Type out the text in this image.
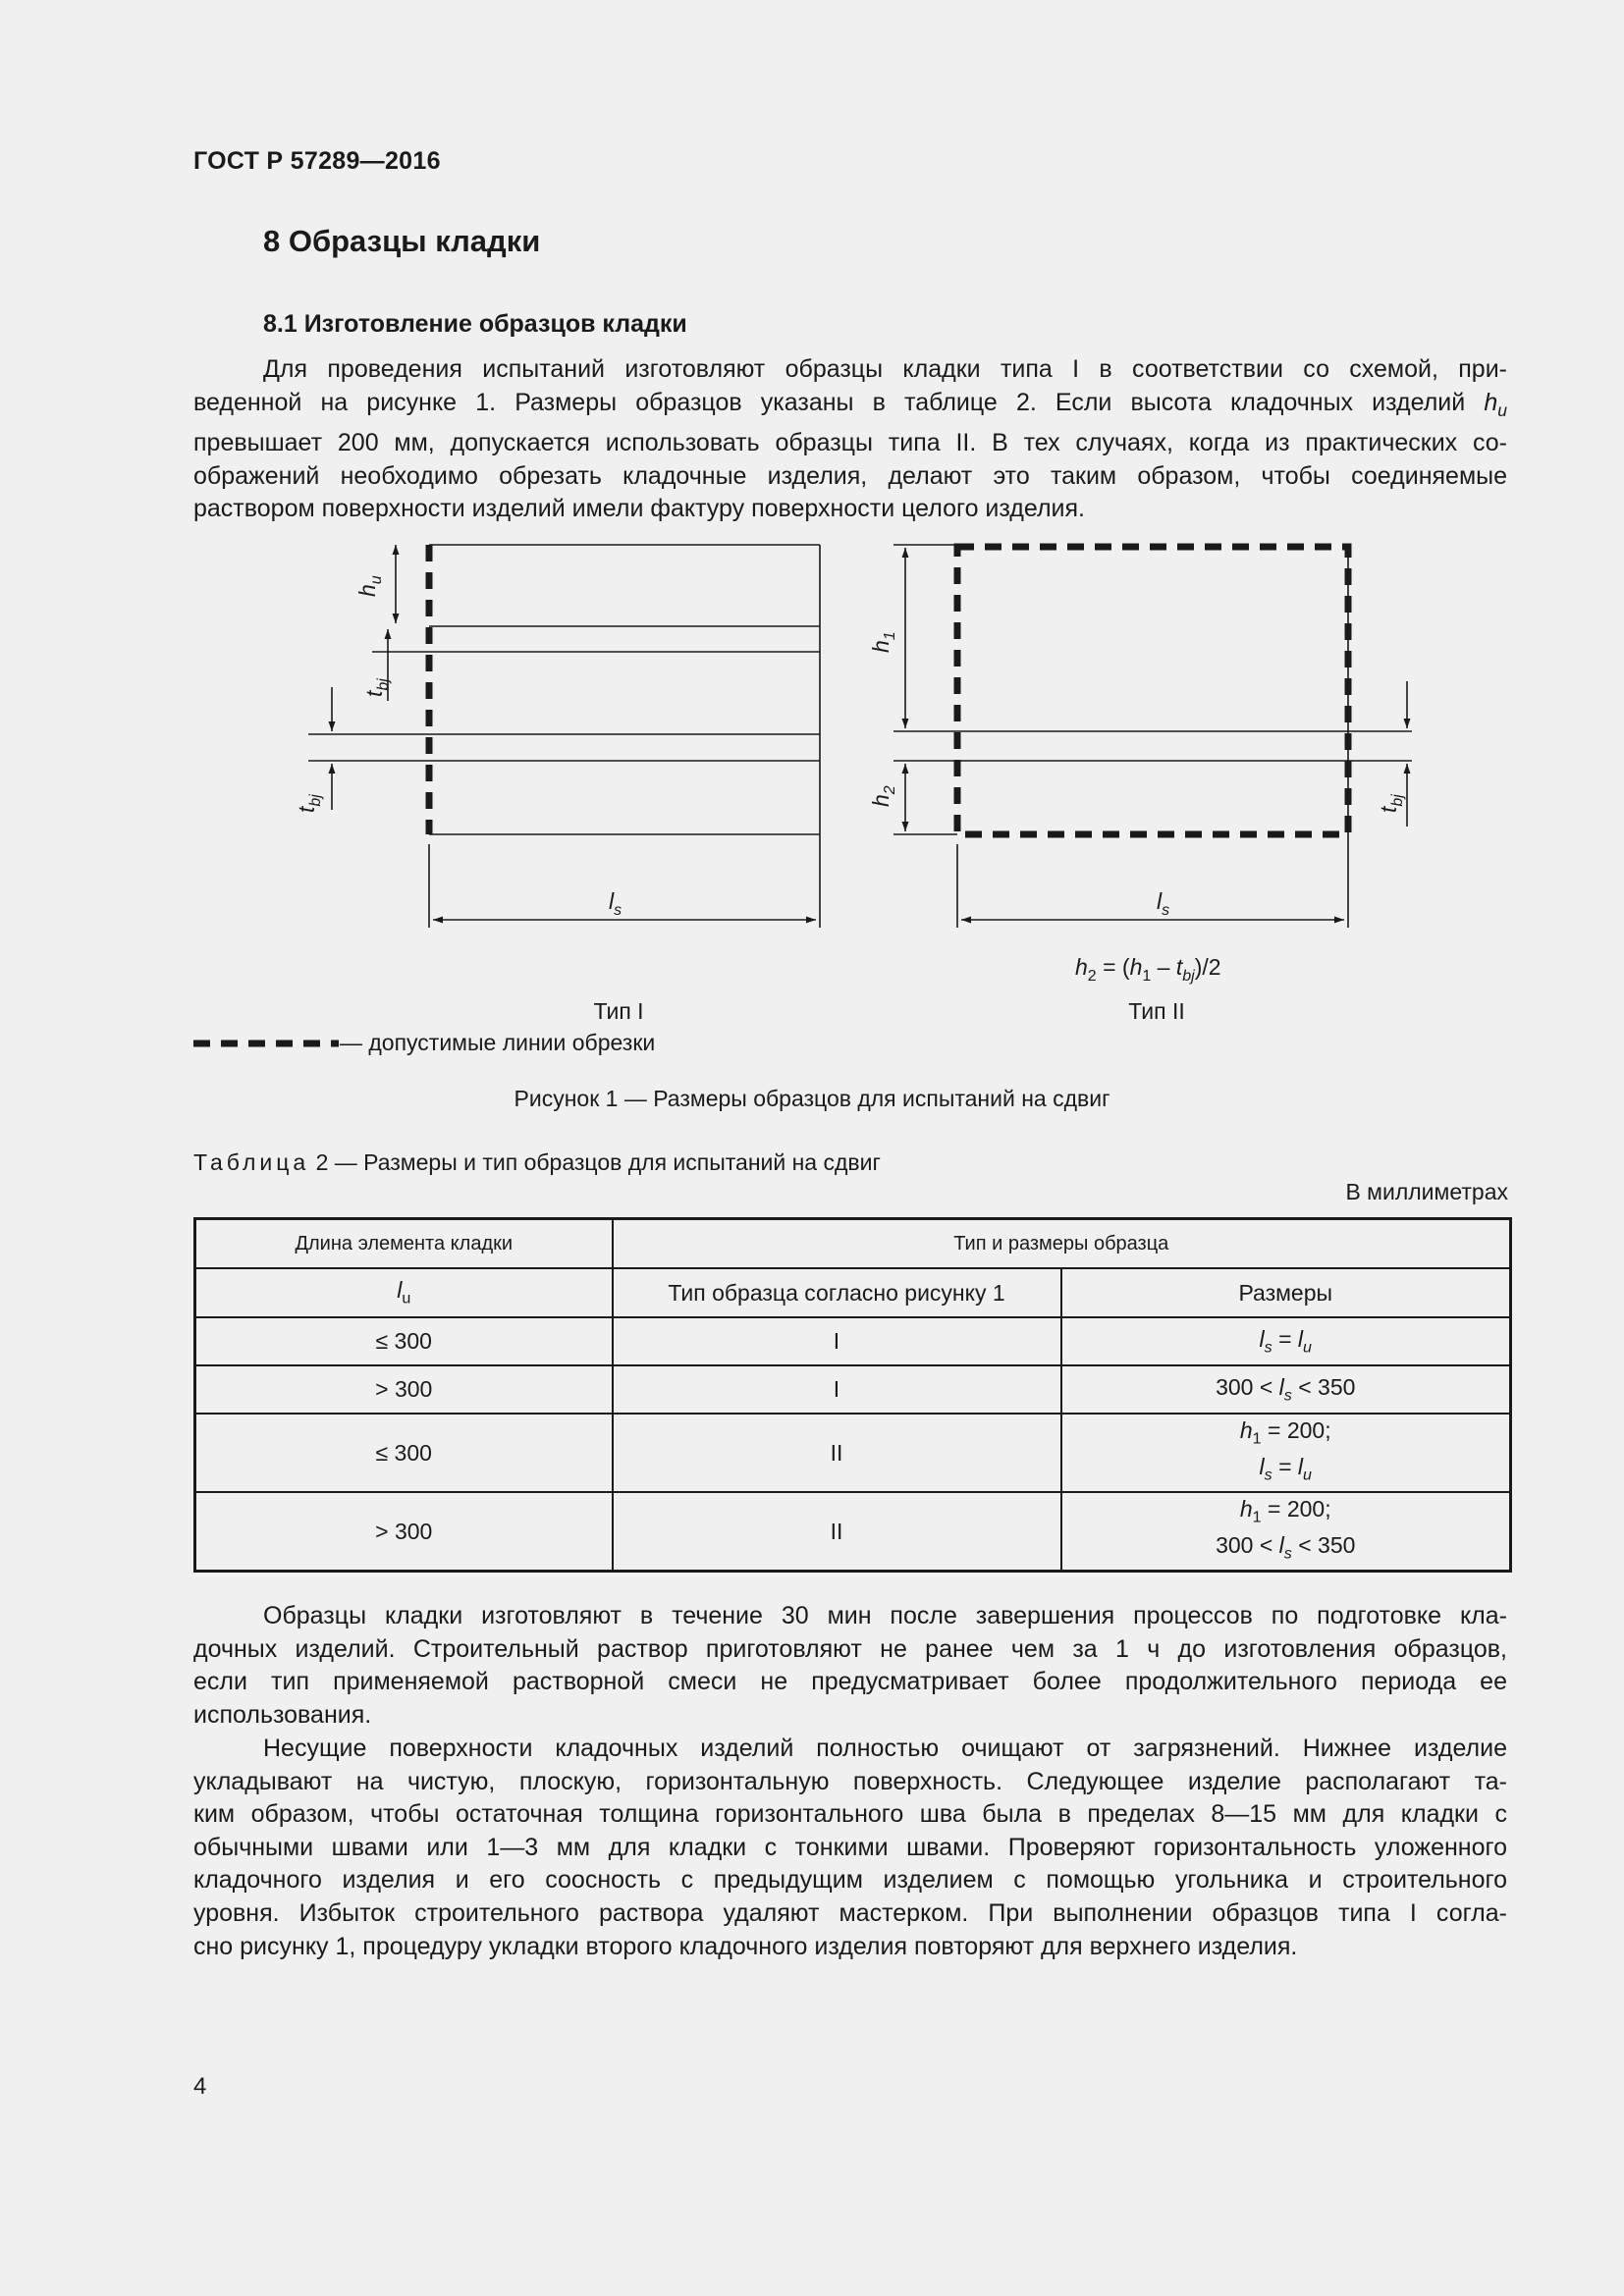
ГОСТ Р 57289—2016
8 Образцы кладки
8.1 Изготовление образцов кладки
Для проведения испытаний изготовляют образцы кладки типа I в соответствии со схемой, при-
веденной на рисунке 1. Размеры образцов указаны в таблице 2. Если высота кладочных изделий $h_u$
превышает 200 мм, допускается использовать образцы типа II. В тех случаях, когда из практических со-
ображений необходимо обрезать кладочные изделия, делают это таким образом, чтобы соединяемые
раствором поверхности изделий имели фактуру поверхности целого изделия.
$h_u$
$t_{bj}$
$t_{bj}$
$l_s$
$h_1$
$h_2$
$t_{bj}$
$l_s$
$h_2 = (h_1 - t_{bj})/2$
Тип I	Тип II
— допустимые линии обрезки
Рисунок 1 — Размеры образцов для испытаний на сдвиг
Таблица 2 — Размеры и тип образцов для испытаний на сдвиг
В миллиметрах
Длина элемента кладки	Тип и размеры образца	
$l_u$	Тип образца согласно рисунку 1	Размеры
≤ 300	I	$l_s = l_u$
> 300	I	$300 < l_s < 350$
≤ 300	II	$h_1 = 200$;
$l_s = l_u$
> 300	II	$h_1 = 200$;
$300 < l_s < 350$
Образцы кладки изготовляют в течение 30 мин после завершения процессов по подготовке кла-
дочных изделий. Строительный раствор приготовляют не ранее чем за 1 ч до изготовления образцов,
если тип применяемой растворной смеси не предусматривает более продолжительного периода ее
использования.
Несущие поверхности кладочных изделий полностью очищают от загрязнений. Нижнее изделие
укладывают на чистую, плоскую, горизонтальную поверхность. Следующее изделие располагают та-
ким образом, чтобы остаточная толщина горизонтального шва была в пределах 8—15 мм для кладки с
обычными швами или 1—3 мм для кладки с тонкими швами. Проверяют горизонтальность уложенного
кладочного изделия и его соосность с предыдущим изделием с помощью угольника и строительного
уровня. Избыток строительного раствора удаляют мастерком. При выполнении образцов типа I согла-
сно рисунку 1, процедуру укладки второго кладочного изделия повторяют для верхнего изделия.
4
